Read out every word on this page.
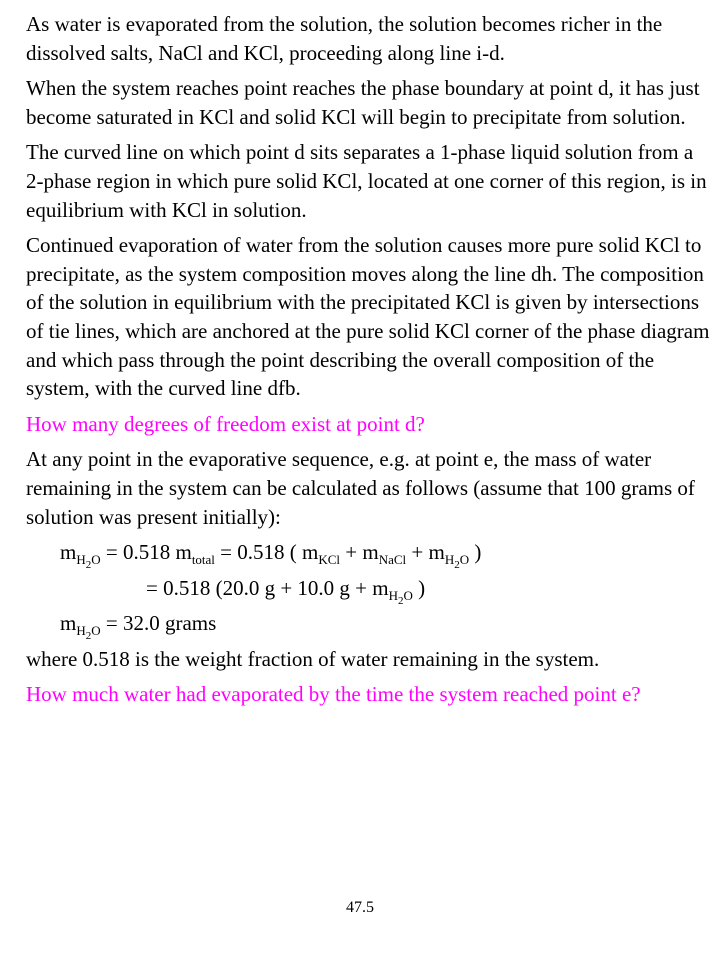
As water is evaporated from the solution, the solution becomes richer in the dissolved salts, NaCl and KCl, proceeding along line i-d.

When the system reaches point reaches the phase boundary at point d, it has just become saturated in KCl and solid KCl will begin to precipitate from solution.

The curved line on which point d sits separates a 1-phase liquid solution from a 2-phase region in which pure solid KCl, located at one corner of this region, is in equilibrium with KCl in solution.

Continued evaporation of water from the solution causes more pure solid KCl to precipitate, as the system composition moves along the line dh. The composition of the solution in equilibrium with the precipitated KCl is given by intersections of tie lines, which are anchored at the pure solid KCl corner of the phase diagram and which pass through the point describing the overall composition of the system, with the curved line dfb.

How many degrees of freedom exist at point d?

At any point in the evaporative sequence, e.g. at point e, the mass of water remaining in the system can be calculated as follows (assume that 100 grams of solution was present initially):

$m_{H_2O} = 0.518$ $m_{total} = 0.518$ ( $m_{KCl} + m_{NaCl} + m_{H_2O}$ )
= 0.518 (20.0 g + 10.0 $g + m_{H_2O}$ )
$m_{H_2O} = 32.0$ grams

where 0.518 is the weight fraction of water remaining in the system.

How much water had evaporated by the time the system reached point e?

47.5
